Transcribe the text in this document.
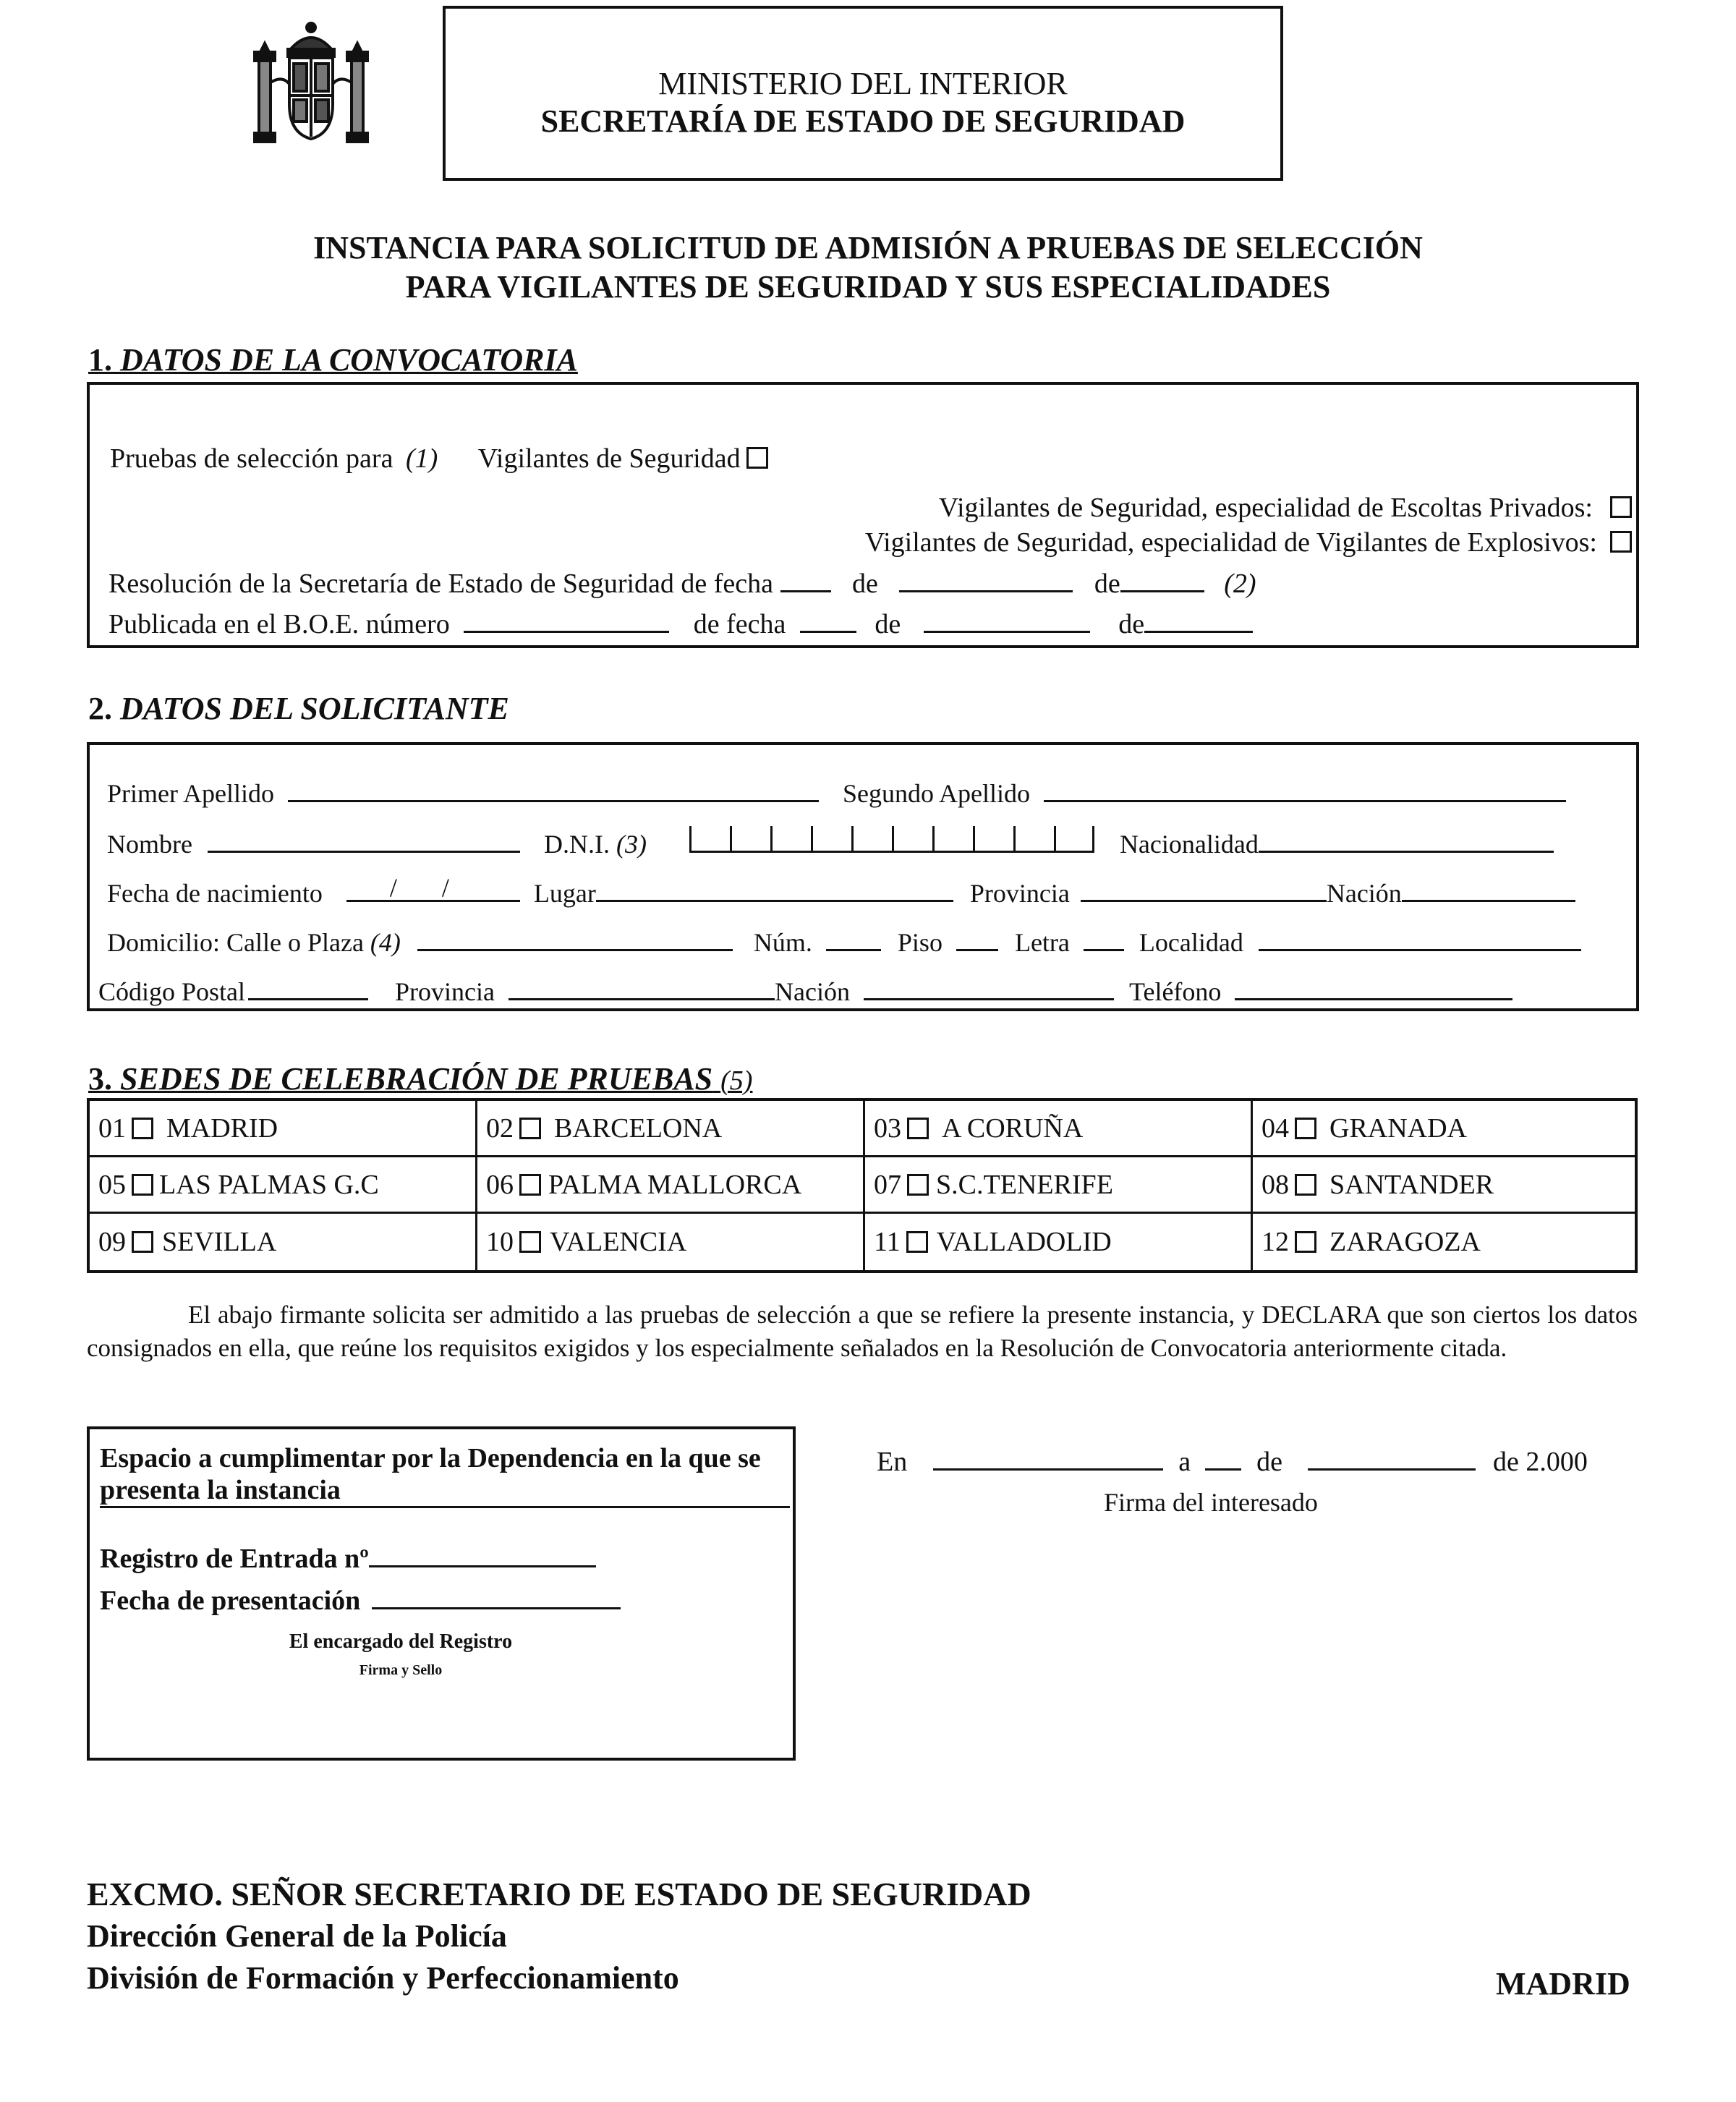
MINISTERIO DEL INTERIOR
SECRETARÍA DE ESTADO DE SEGURIDAD
INSTANCIA PARA SOLICITUD DE ADMISIÓN A PRUEBAS DE SELECCIÓN
PARA VIGILANTES DE SEGURIDAD Y SUS ESPECIALIDADES
1. DATOS DE LA CONVOCATORIA
Pruebas de selección para (1) Vigilantes de Seguridad
Vigilantes de Seguridad, especialidad de Escoltas Privados:
Vigilantes de Seguridad, especialidad de Vigilantes de Explosivos:
Resolución de la Secretaría de Estado de Seguridad de fecha	de	de	(2)
Publicada en el B.O.E. número	de fecha	de	de
2. DATOS DEL SOLICITANTE
Primer Apellido	Segundo Apellido
Nombre	D.N.I. (3)	Nacionalidad
Fecha de nacimiento	/ /	Lugar	Provincia	Nación
Domicilio: Calle o Plaza (4)	Núm.	Piso	Letra	Localidad
Código Postal	Provincia	Nación	Teléfono
3. SEDES DE CELEBRACIÓN DE PRUEBAS (5)
01 MADRID	02 BARCELONA	03 A CORUÑA	04 GRANADA
05 LAS PALMAS G.C	06 PALMA MALLORCA	07 S.C.TENERIFE	08 SANTANDER
09 SEVILLA	10 VALENCIA	11 VALLADOLID	12 ZARAGOZA
El abajo firmante solicita ser admitido a las pruebas de selección a que se refiere la presente instancia, y DECLARA que son ciertos los datos consignados en ella, que reúne los requisitos exigidos y los especialmente señalados en la Resolución de Convocatoria anteriormente citada.
Espacio a cumplimentar por la Dependencia en la que se
presenta la instancia
Registro de Entrada nº
Fecha de presentación
El encargado del Registro
Firma y Sello
En	a de	de 2.000
Firma del interesado
EXCMO. SEÑOR SECRETARIO DE ESTADO DE SEGURIDAD
Dirección General de la Policía
División de Formación y Perfeccionamiento	MADRID
